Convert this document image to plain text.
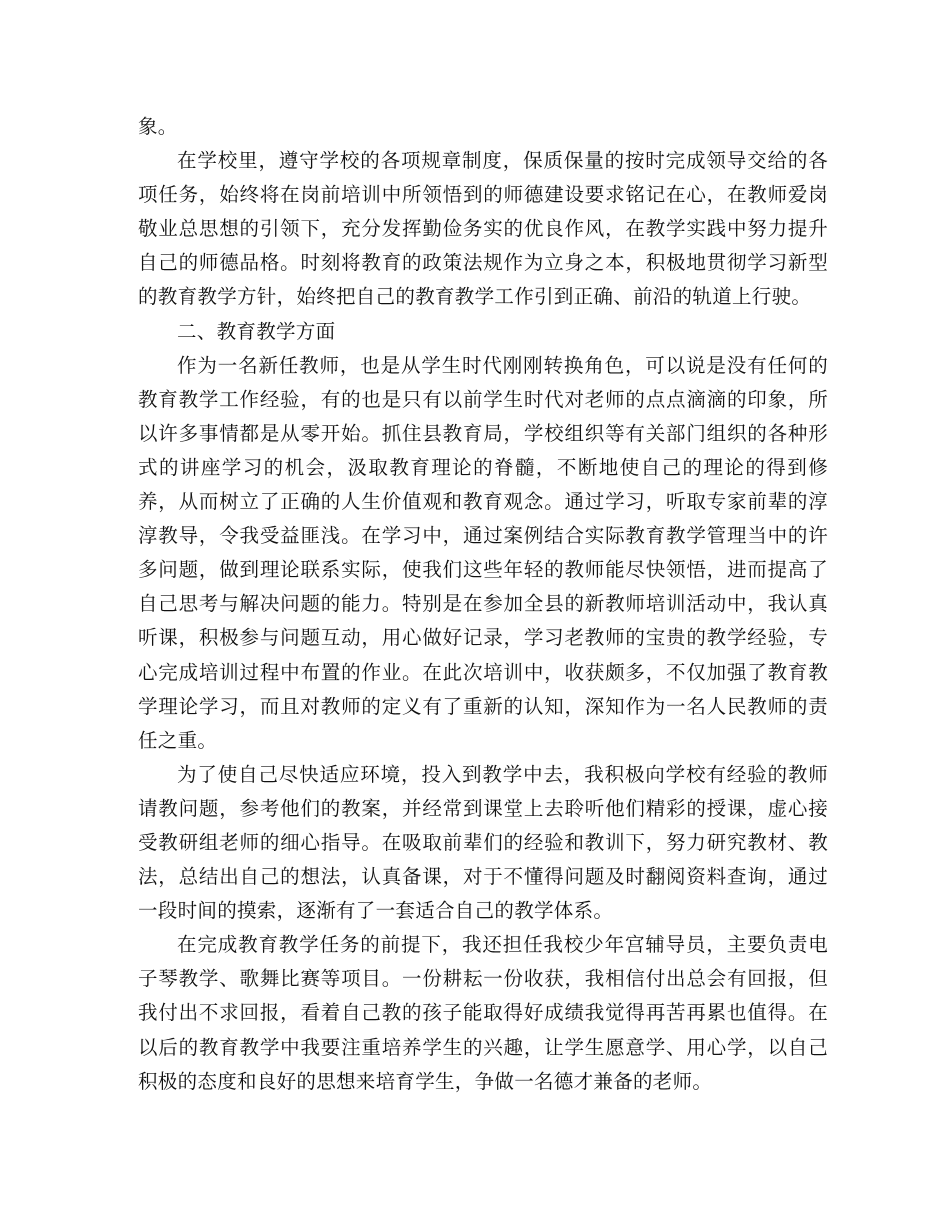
象。

在学校里，遵守学校的各项规章制度，保质保量的按时完成领导交给的各项任务，始终将在岗前培训中所领悟到的师德建设要求铭记在心，在教师爱岗敬业总思想的引领下，充分发挥勤俭务实的优良作风，在教学实践中努力提升自己的师德品格。时刻将教育的政策法规作为立身之本，积极地贯彻学习新型的教育教学方针，始终把自己的教育教学工作引到正确、前沿的轨道上行驶。

二、教育教学方面

作为一名新任教师，也是从学生时代刚刚转换角色，可以说是没有任何的教育教学工作经验，有的也是只有以前学生时代对老师的点点滴滴的印象，所以许多事情都是从零开始。抓住县教育局，学校组织等有关部门组织的各种形式的讲座学习的机会，汲取教育理论的脊髓，不断地使自己的理论的得到修养，从而树立了正确的人生价值观和教育观念。通过学习，听取专家前辈的淳淳教导，令我受益匪浅。在学习中，通过案例结合实际教育教学管理当中的许多问题，做到理论联系实际，使我们这些年轻的教师能尽快领悟，进而提高了自己思考与解决问题的能力。特别是在参加全县的新教师培训活动中，我认真听课，积极参与问题互动，用心做好记录，学习老教师的宝贵的教学经验，专心完成培训过程中布置的作业。在此次培训中，收获颇多，不仅加强了教育教学理论学习，而且对教师的定义有了重新的认知，深知作为一名人民教师的责任之重。

为了使自己尽快适应环境，投入到教学中去，我积极向学校有经验的教师请教问题，参考他们的教案，并经常到课堂上去聆听他们精彩的授课，虚心接受教研组老师的细心指导。在吸取前辈们的经验和教训下，努力研究教材、教法，总结出自己的想法，认真备课，对于不懂得问题及时翻阅资料查询，通过一段时间的摸索，逐渐有了一套适合自己的教学体系。

在完成教育教学任务的前提下，我还担任我校少年宫辅导员，主要负责电子琴教学、歌舞比赛等项目。一份耕耘一份收获，我相信付出总会有回报，但我付出不求回报，看着自己教的孩子能取得好成绩我觉得再苦再累也值得。在以后的教育教学中我要注重培养学生的兴趣，让学生愿意学、用心学，以自己积极的态度和良好的思想来培育学生，争做一名德才兼备的老师。
